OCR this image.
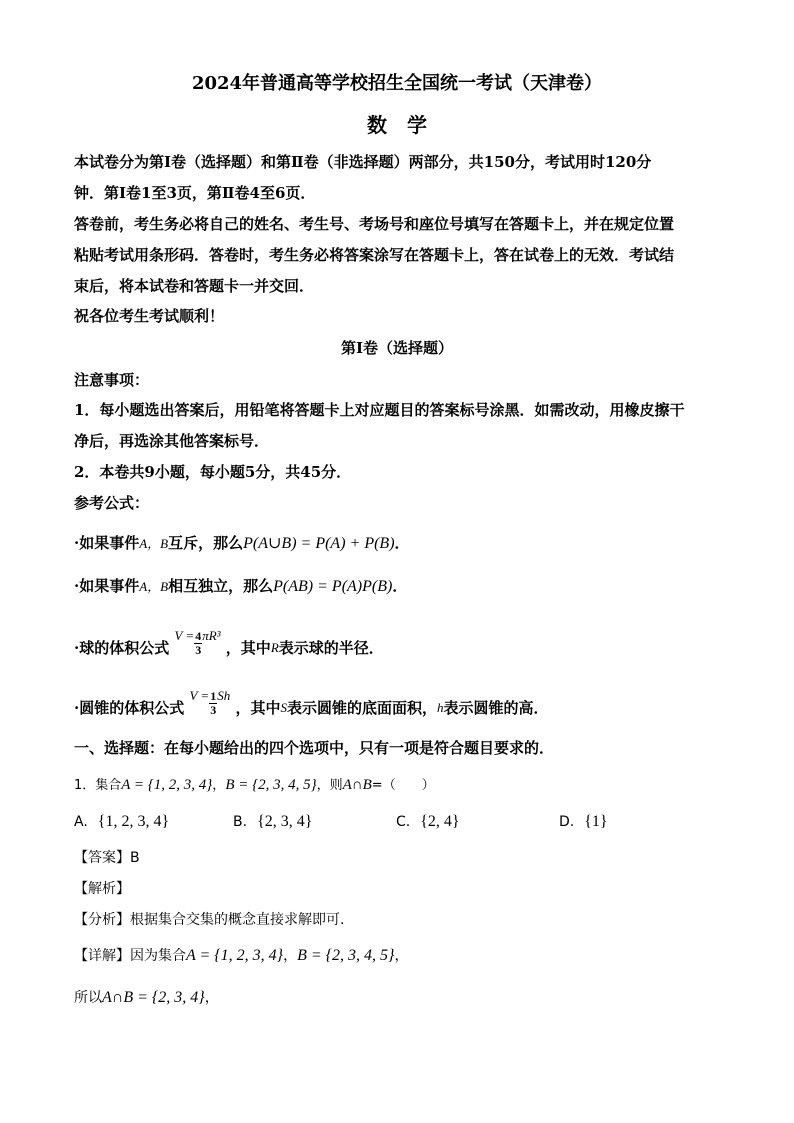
2024年普通高等学校招生全国统一考试（天津卷）
数　学
本试卷分为第Ⅰ卷（选择题）和第Ⅱ卷（非选择题）两部分，共150分，考试用时120分
钟．第Ⅰ卷1至3页，第Ⅱ卷4至6页．
答卷前，考生务必将自己的姓名、考生号、考场号和座位号填写在答题卡上，并在规定位置
粘贴考试用条形码．答卷时，考生务必将答案涂写在答题卡上，答在试卷上的无效．考试结
束后，将本试卷和答题卡一并交回．
祝各位考生考试顺利！
第Ⅰ卷（选择题）
注意事项：
1．每小题选出答案后，用铅笔将答题卡上对应题目的答案标号涂黑．如需改动，用橡皮擦干
净后，再选涂其他答案标号．
2．本卷共9小题，每小题5分，共45分．
参考公式：
·如果事件A，B互斥，那么P(A∪B) = P(A) + P(B)．
·如果事件A，B相互独立，那么P(AB) = P(A)P(B)．
·球的体积公式 $V = \frac{4}{3} \pi R^3$ ，其中R表示球的半径．
·圆锥的体积公式 $V = \frac{1}{3}$ Sh ，其中S表示圆锥的底面面积，h表示圆锥的高．
一、选择题：在每小题给出的四个选项中，只有一项是符合题目要求的．
1．集合A = {1, 2, 3, 4}，B = {2, 3, 4, 5}，则A∩B=（　　）
A. {1, 2, 3, 4}	B. {2, 3, 4}	C. {2, 4}	D. {1}
【答案】B
【解析】
【分析】根据集合交集的概念直接求解即可.
【详解】因为集合A = {1, 2, 3, 4}，B = {2, 3, 4, 5}，
所以A∩B = {2, 3, 4}，
